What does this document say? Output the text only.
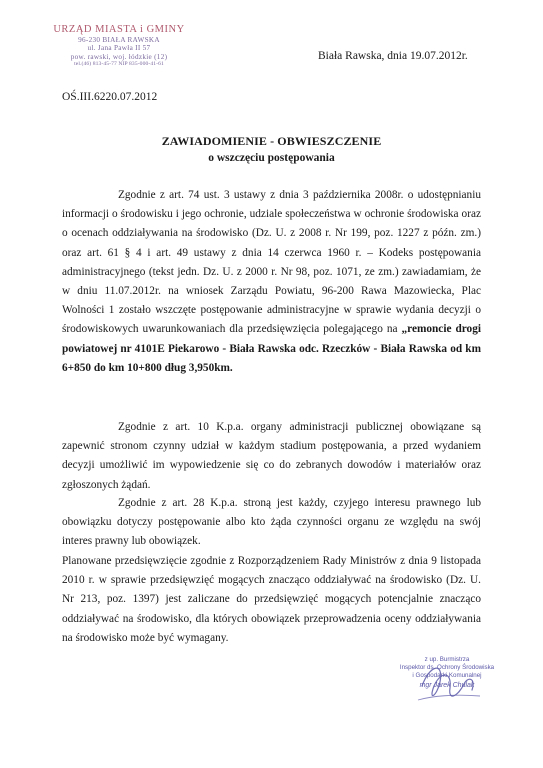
URZĄD MIASTA i GMINY
96-230 BIAŁA RAWSKA
ul. Jana Pawła II 57
pow. rawski, woj. łódzkie (12)
tel.(46) 813-45-77 NIP 835-000-41-61
Biała Rawska, dnia 19.07.2012r.
OŚ.III.6220.07.2012
ZAWIADOMIENIE - OBWIESZCZENIE
o wszczęciu postępowania

Zgodnie z art. 74 ust. 3 ustawy z dnia 3 października 2008r. o udostępnianiu informacji o środowisku i jego ochronie, udziale społeczeństwa w ochronie środowiska oraz o ocenach oddziaływania na środowisko (Dz. U. z 2008 r. Nr 199, poz. 1227 z późn. zm.) oraz art. 61 § 4 i art. 49 ustawy z dnia 14 czerwca 1960 r. – Kodeks postępowania administracyjnego (tekst jedn. Dz. U. z 2000 r. Nr 98, poz. 1071, ze zm.) zawiadamiam, że w dniu 11.07.2012r. na wniosek Zarządu Powiatu, 96-200 Rawa Mazowiecka, Plac Wolności 1 zostało wszczęte postępowanie administracyjne w sprawie wydania decyzji o środowiskowych uwarunkowaniach dla przedsięwzięcia polegającego na „remoncie drogi powiatowej nr 4101E Piekarowo - Biała Rawska odc. Rzeczków - Biała Rawska od km 6+850 do km 10+800 dług 3,950km.

Zgodnie z art. 10 K.p.a. organy administracji publicznej obowiązane są zapewnić stronom czynny udział w każdym stadium postępowania, a przed wydaniem decyzji umożliwić im wypowiedzenie się co do zebranych dowodów i materiałów oraz zgłoszonych żądań.

Zgodnie z art. 28 K.p.a. stroną jest każdy, czyjego interesu prawnego lub obowiązku dotyczy postępowanie albo kto żąda czynności organu ze względu na swój interes prawny lub obowiązek.

Planowane przedsięwzięcie zgodnie z Rozporządzeniem Rady Ministrów z dnia 9 listopada 2010 r. w sprawie przedsięwzięć mogących znacząco oddziaływać na środowisko (Dz. U. Nr 213, poz. 1397) jest zaliczane do przedsięwzięć mogących potencjalnie znacząco oddziaływać na środowisko, dla których obowiązek przeprowadzenia oceny oddziaływania na środowisko może być wymagany.

z up. Burmistrza
Inspektor ds. Ochrony Środowiska
i Gospodarki Komunalnej
mgr Jarek Chulak
